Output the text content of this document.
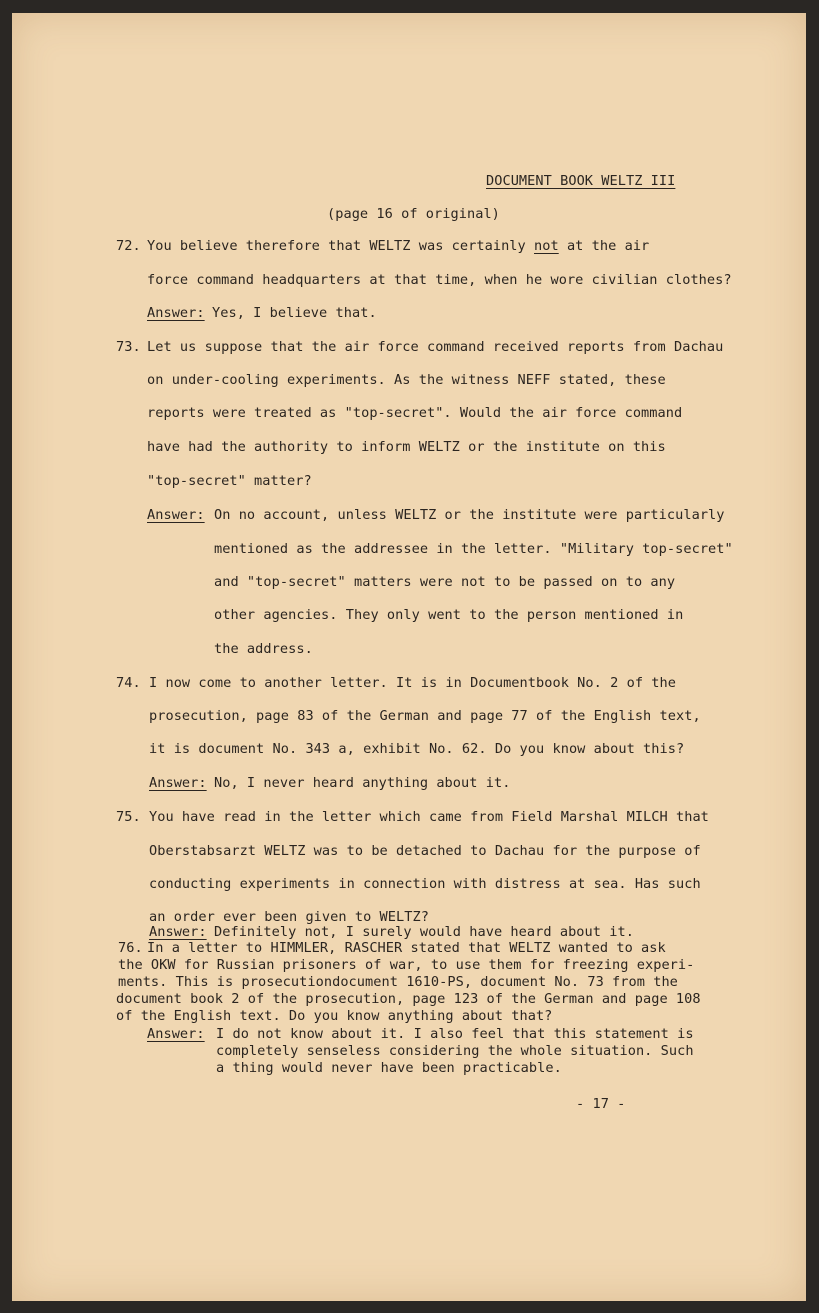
DOCUMENT BOOK WELTZ III
(page 16 of original)
72. You believe therefore that WELTZ was certainly not at the air
force command headquarters at that time, when he wore civilian clothes?
Answer: Yes, I believe that.
73. Let us suppose that the air force command received reports from Dachau
on under-cooling experiments. As the witness NEFF stated, these
reports were treated as "top-secret". Would the air force command
have had the authority to inform WELTZ or the institute on this
"top-secret" matter?
Answer: On no account, unless WELTZ or the institute were particularly
mentioned as the addressee in the letter. "Military top-secret"
and "top-secret" matters were not to be passed on to any
other agencies. They only went to the person mentioned in
the address.
74. I now come to another letter. It is in Documentbook No. 2 of the
prosecution, page 83 of the German and page 77 of the English text,
it is document No. 343 a, exhibit No. 62. Do you know about this?
Answer: No, I never heard anything about it.
75. You have read in the letter which came from Field Marshal MILCH that
Oberstabsarzt WELTZ was to be detached to Dachau for the purpose of
conducting experiments in connection with distress at sea. Has such
an order ever been given to WELTZ?
Answer: Definitely not, I surely would have heard about it.
76. In a letter to HIMMLER, RASCHER stated that WELTZ wanted to ask
the OKW for Russian prisoners of war, to use them for freezing experi-
ments. This is prosecutiondocument 1610-PS, document No. 73 from the
document book 2 of the prosecution, page 123 of the German and page 108
of the English text. Do you know anything about that?
Answer: I do not know about it. I also feel that this statement is
completely senseless considering the whole situation. Such
a thing would never have been practicable.
- 17 -
